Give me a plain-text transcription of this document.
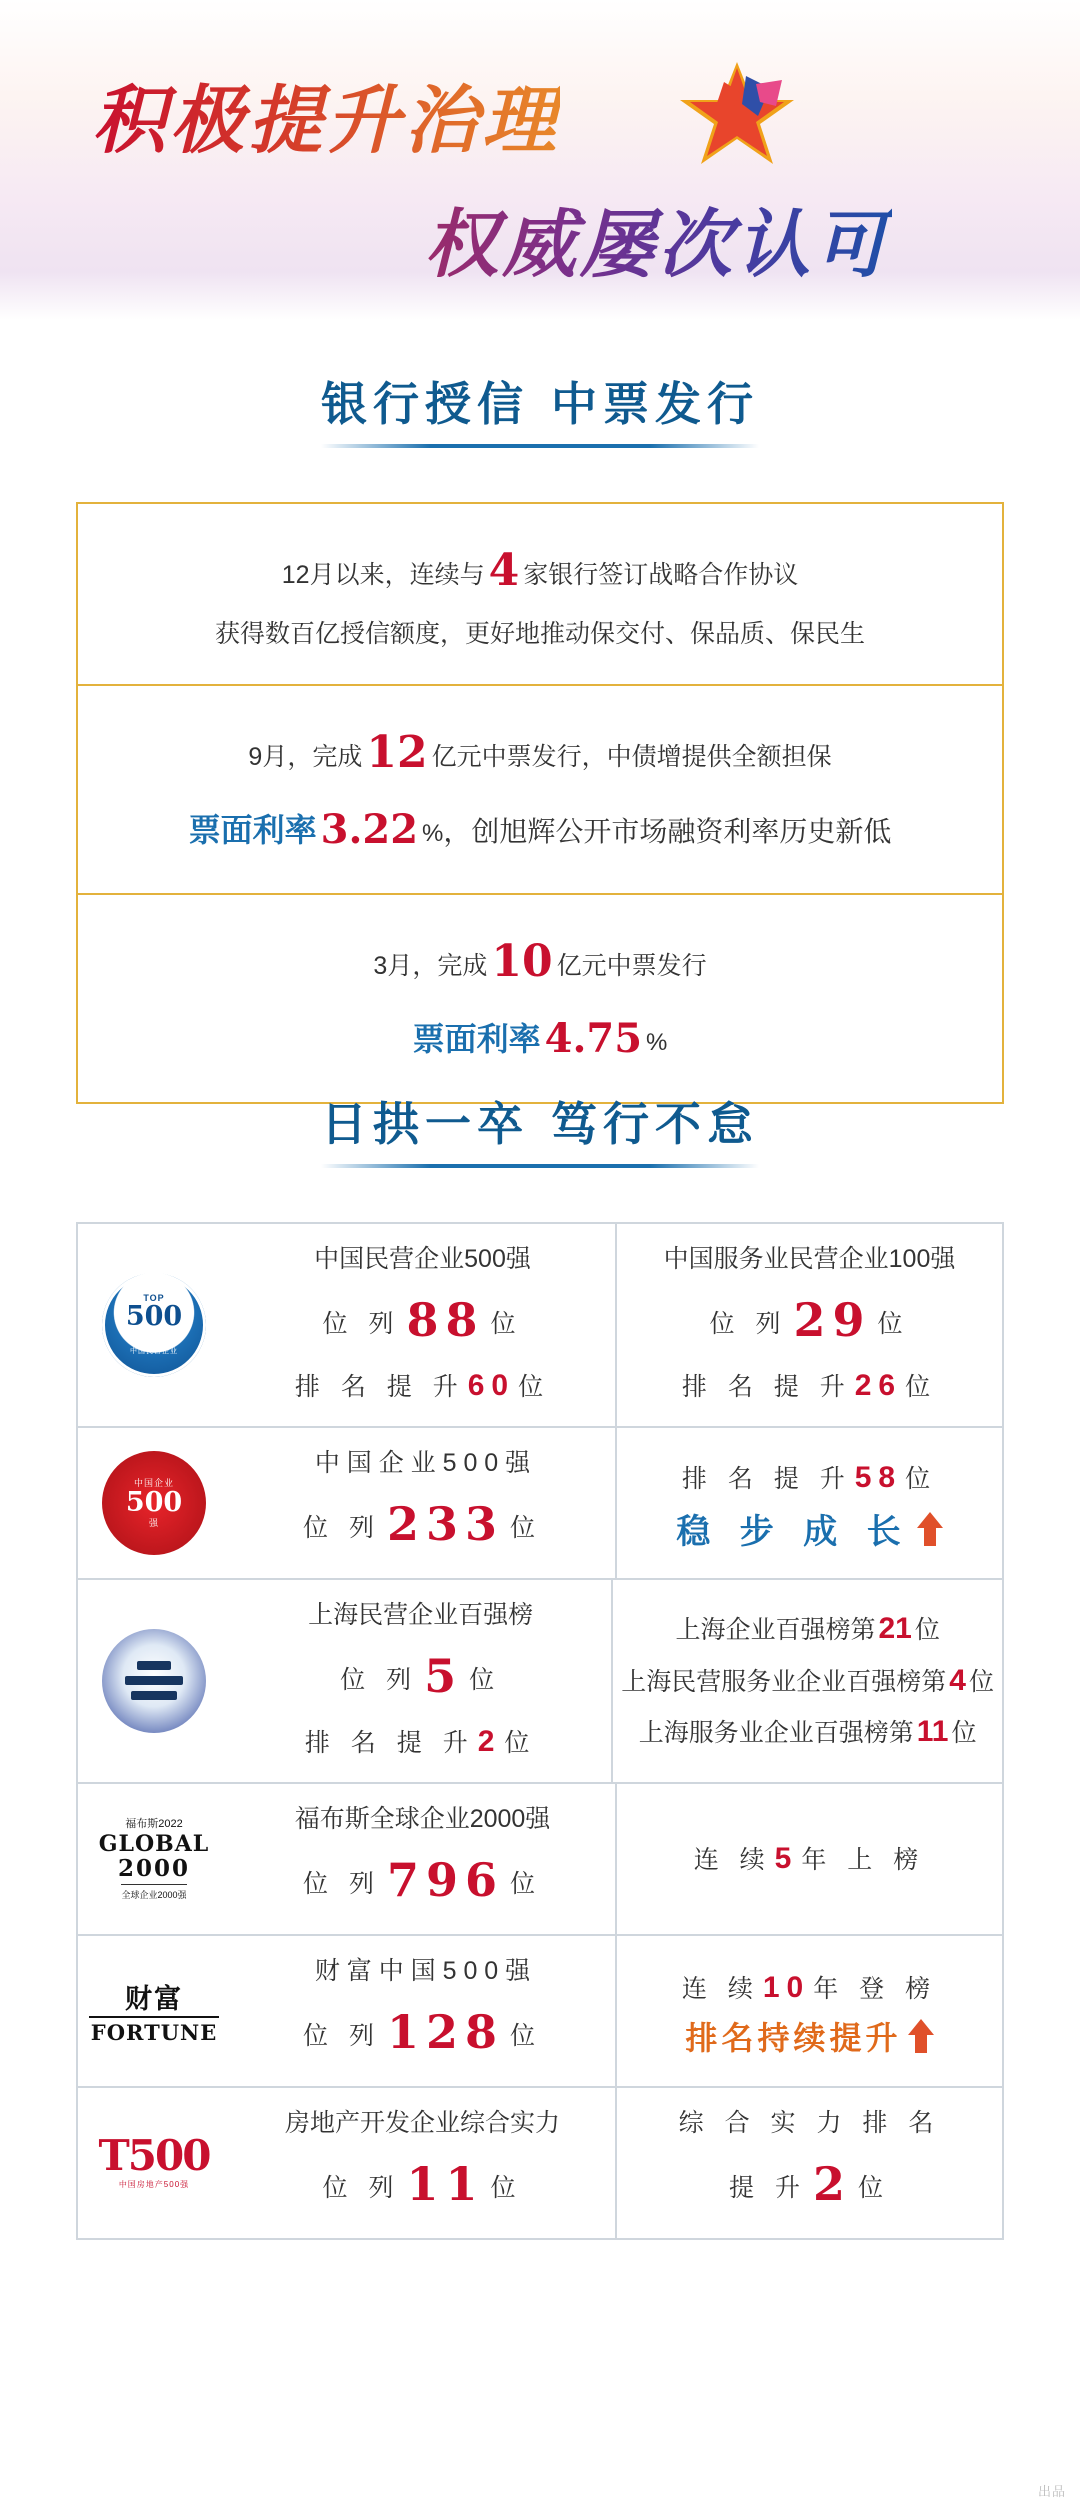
积极提升治理
权威屡次认可
银行授信 中票发行
12月以来，连续与4 家银行签订战略合作协议
获得数百亿授信额度，更好地推动保交付、保品质、保民生
9月，完成12 亿元中票发行，中债增提供全额担保
票面利率 3.22 %，创旭辉公开市场融资利率历史新低
3月，完成10 亿元中票发行
票面利率 4.75 %
日拱一卒 笃行不怠
TOP
500
中国民营企业
中国民营企业500强
位 列 88 位
排 名 提 升 60 位
中国服务业民营企业100强
位 列 29 位
排 名 提 升 26 位
中国企业
500
强
中 国 企 业 5 0 0 强
位 列 233 位
排 名 提 升 58 位
稳 步 成 长
上海民营企业百强榜
位 列 5 位
排 名 提 升 2 位
上海企业百强榜第 21 位
上海民营服务业企业百强榜第 4 位
上海服务业企业百强榜第 11 位
福布斯2022
GLOBAL
2000
全球企业2000强
福布斯全球企业2000强
位 列 796 位
连 续 5 年 上 榜
财富
FORTUNE
财 富 中 国 5 0 0 强
位 列 128 位
连 续 10 年 登 榜
排名持续提升
T500
中国房地产500强
房地产开发企业综合实力
位 列 11 位
综 合 实 力 排 名
提 升 2 位
出品
